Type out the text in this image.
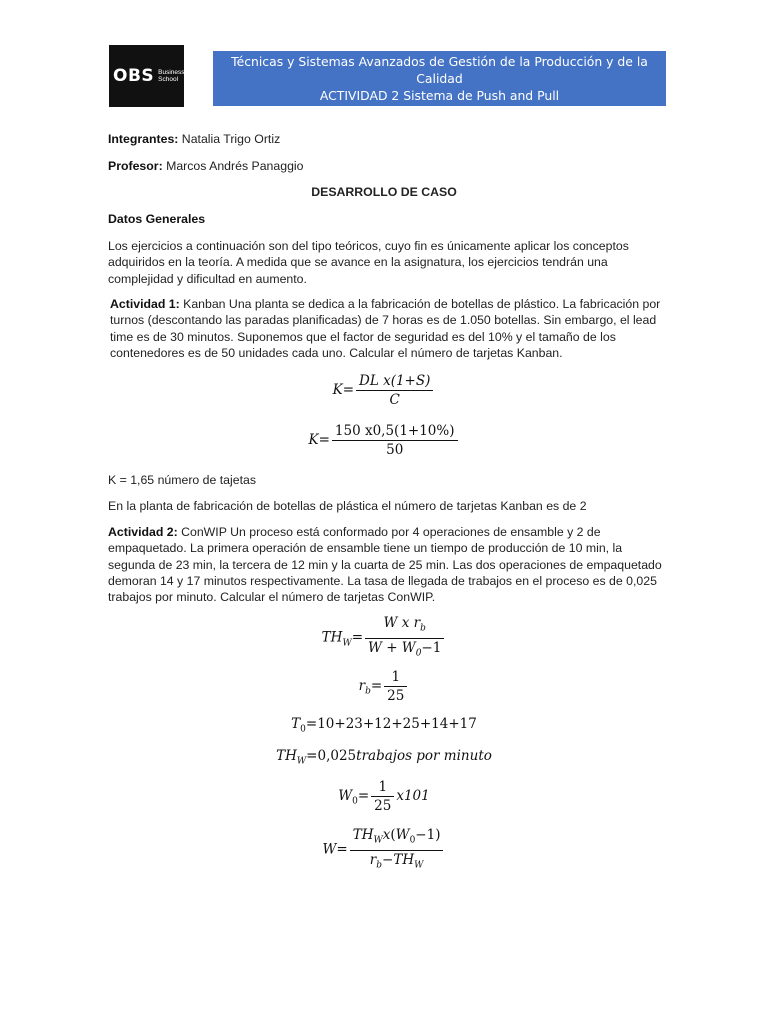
OBS Business
School
Técnicas y Sistemas Avanzados de Gestión de la Producción y de la Calidad
ACTIVIDAD 2 Sistema de Push and Pull
Integrantes: Natalia Trigo Ortiz
Profesor: Marcos Andrés Panaggio
DESARROLLO DE CASO
Datos Generales
Los ejercicios a continuación son del tipo teóricos, cuyo fin es únicamente aplicar los conceptos adquiridos en la teoría. A medida que se avance en la asignatura, los ejercicios tendrán una complejidad y dificultad en aumento.
Actividad 1: Kanban Una planta se dedica a la fabricación de botellas de plástico. La fabricación por turnos (descontando las paradas planificadas) de 7 horas es de 1.050 botellas. Sin embargo, el lead time es de 30 minutos. Suponemos que el factor de seguridad es del 10% y el tamaño de los contenedores es de 50 unidades cada uno. Calcular el número de tarjetas Kanban.
$K= \frac{\text{DL x(1+S)}}{C}$
$K= \frac{150 x0,5(1+10\%)}{50}$
K = 1,65 número de tajetas
En la planta de fabricación de botellas de plástica el número de tarjetas Kanban es de 2
Actividad 2: ConWIP Un proceso está conformado por 4 operaciones de ensamble y 2 de empaquetado. La primera operación de ensamble tiene un tiempo de producción de 10 min, la segunda de 23 min, la tercera de 12 min y la cuarta de 25 min. Las dos operaciones de empaquetado demoran 14 y 17 minutos respectivamente. La tasa de llegada de trabajos en el proceso es de 0,025 trabajos por minuto. Calcular el número de tarjetas ConWIP.
$TH_W= \frac{W x r_b}{W + W_0-1}$
$r_b= \frac{1}{25}$
$T_0=10+23+12+25+14+17$
$TH_W=0,025trabajos$ por minuto
$W_0= \frac{1}{25} x101$
$W= \frac{TH_Wx(W_0-1)}{r_b-TH_W}$
